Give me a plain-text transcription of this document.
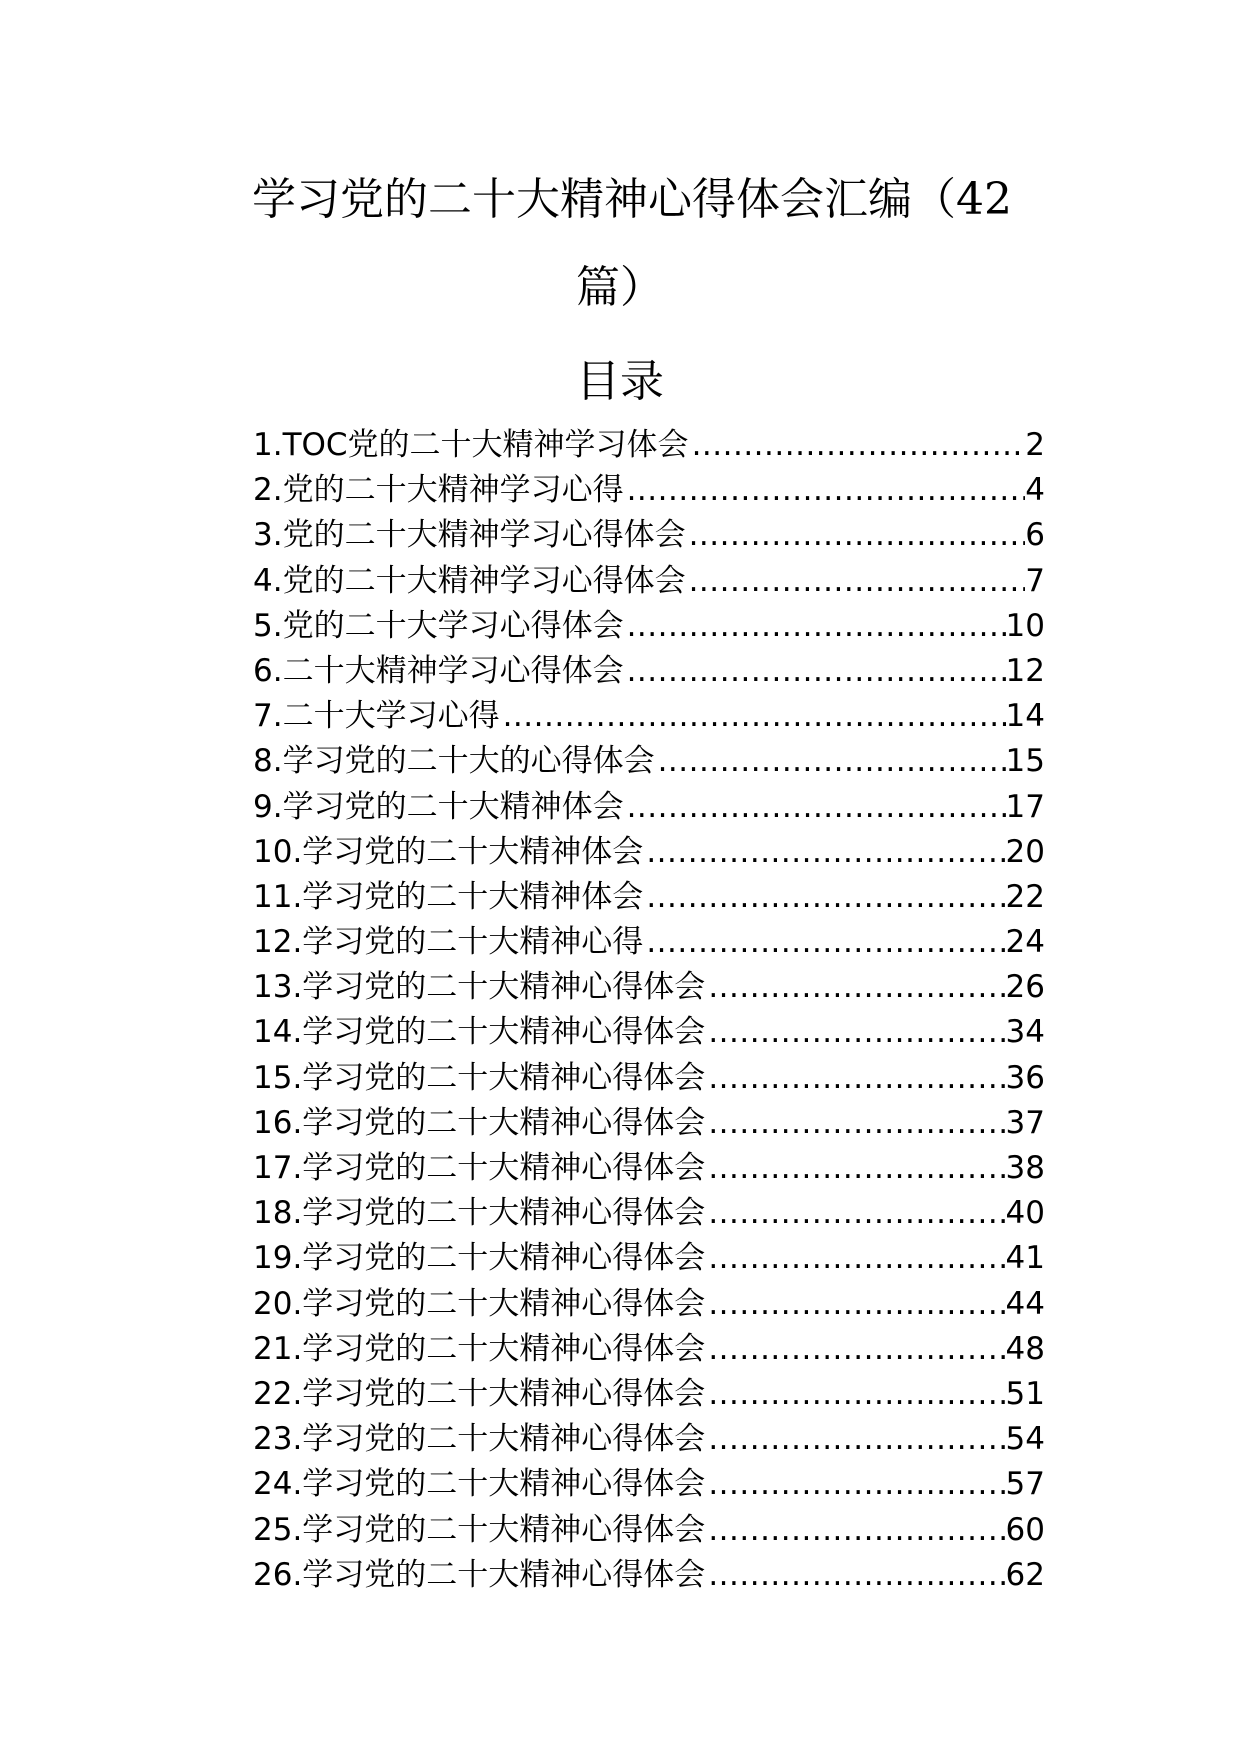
学习党的二十大精神心得体会汇编（42
篇）
目录
1.TOC党的二十大精神学习体会 .....	2
2.党的二十大精神学习心得 .....	4
3.党的二十大精神学习心得体会 .....	6
4.党的二十大精神学习心得体会 .....	7
5.党的二十大学习心得体会 .....	10
6.二十大精神学习心得体会 .....	12
7.二十大学习心得 .....	14
8.学习党的二十大的心得体会 .....	15
9.学习党的二十大精神体会 .....	17
10.学习党的二十大精神体会 .....	20
11.学习党的二十大精神体会 .....	22
12.学习党的二十大精神心得 .....	24
13.学习党的二十大精神心得体会 .....	26
14.学习党的二十大精神心得体会 .....	34
15.学习党的二十大精神心得体会 .....	36
16.学习党的二十大精神心得体会 .....	37
17.学习党的二十大精神心得体会 .....	38
18.学习党的二十大精神心得体会 .....	40
19.学习党的二十大精神心得体会 .....	41
20.学习党的二十大精神心得体会 .....	44
21.学习党的二十大精神心得体会 .....	48
22.学习党的二十大精神心得体会 .....	51
23.学习党的二十大精神心得体会 .....	54
24.学习党的二十大精神心得体会 .....	57
25.学习党的二十大精神心得体会 .....	60
26.学习党的二十大精神心得体会 .....	62
